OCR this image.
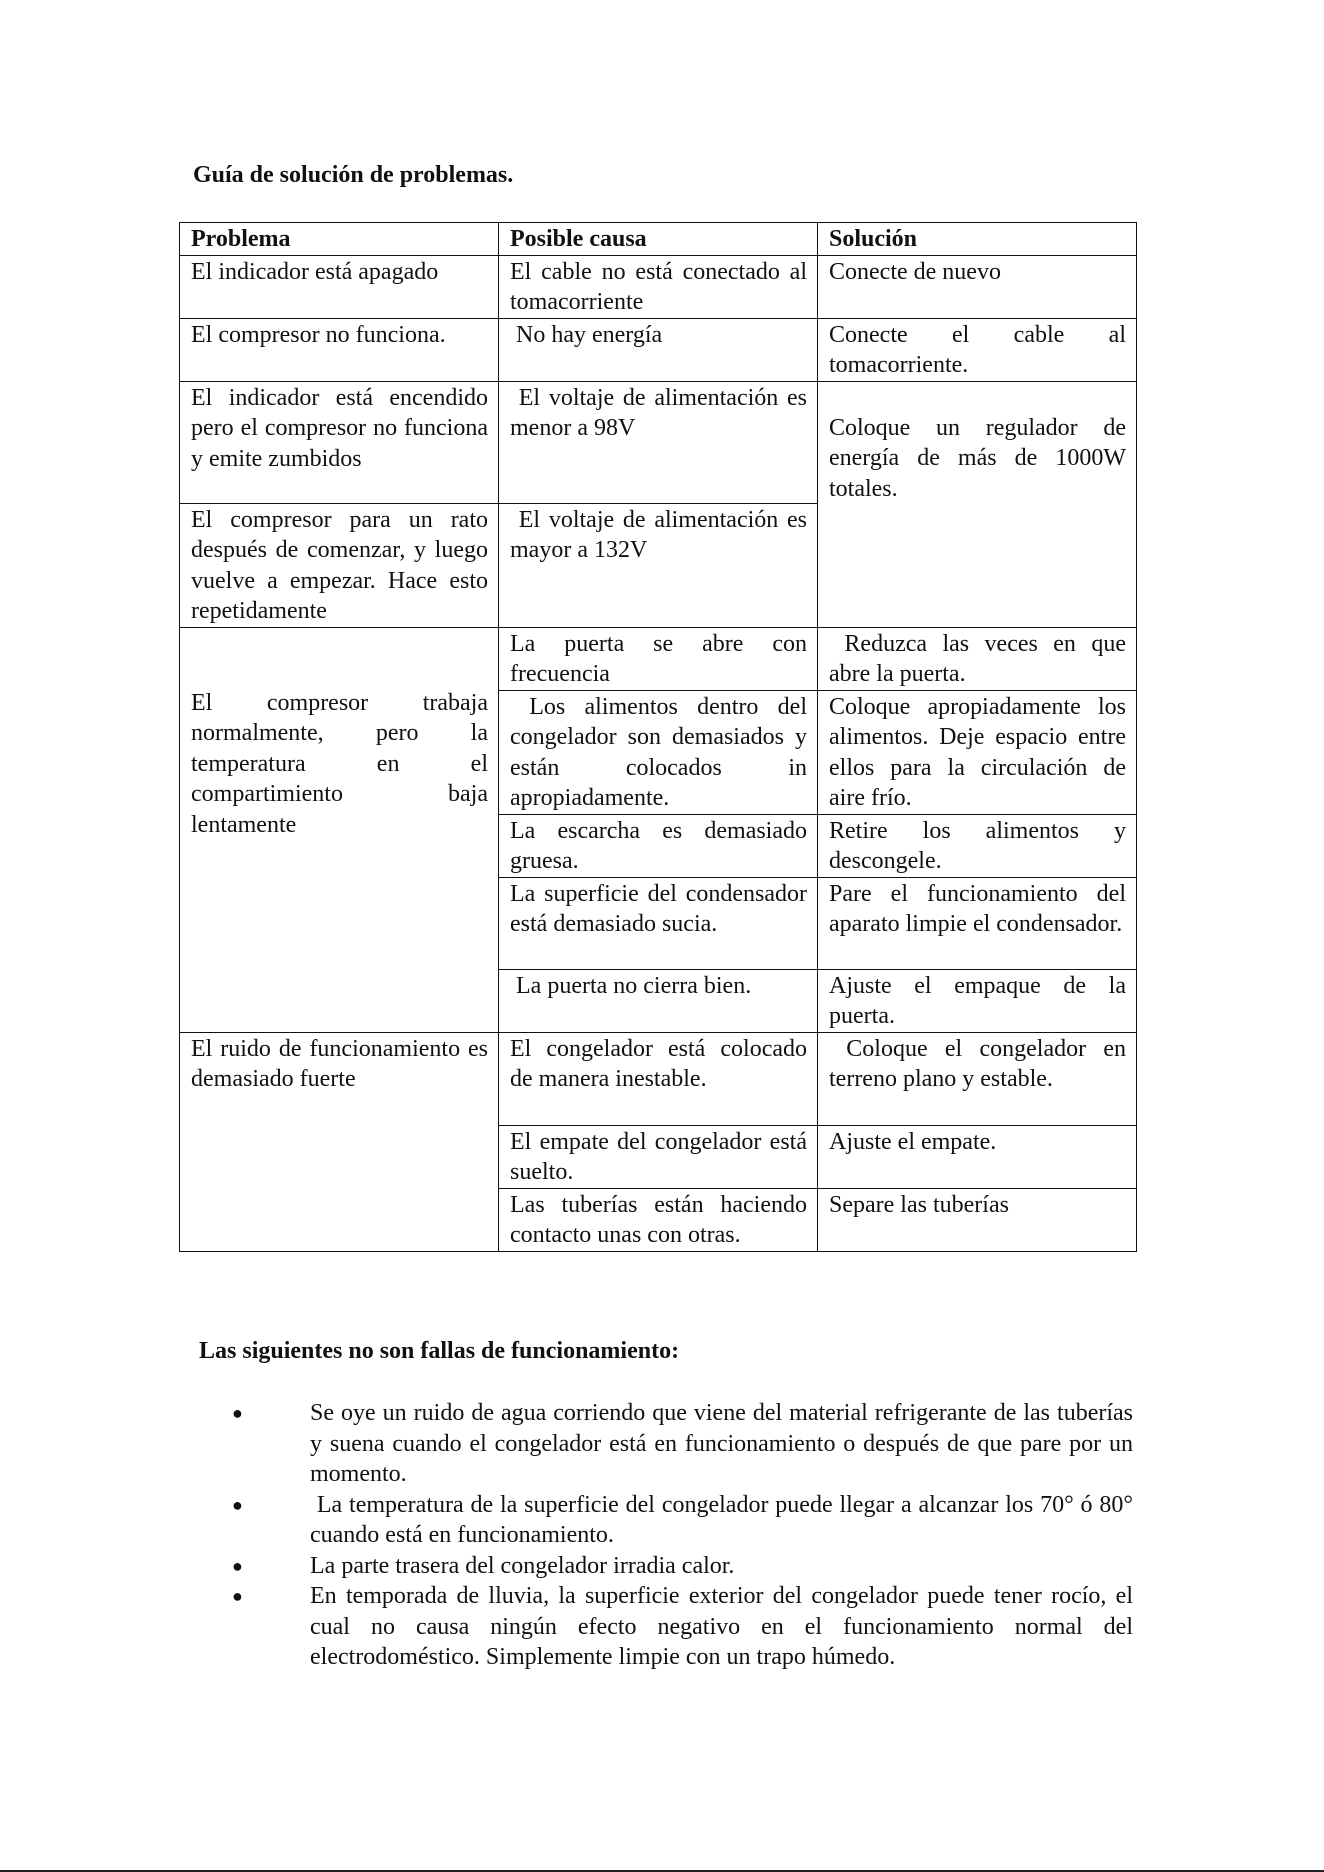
Guía de solución de problemas.
Problema	Posible causa	Solución
El indicador está apagado	El cable no está conectado al tomacorriente	Conecte de nuevo
El compresor no funciona.	No hay energía	Conecte el cable al tomacorriente.
El indicador está encendido pero el compresor no funciona y emite zumbidos	El voltaje de alimentación es menor a 98V	Coloque un regulador de energía de más de 1000W totales.
El compresor para un rato después de comenzar, y luego vuelve a empezar. Hace esto repetidamente	El voltaje de alimentación es mayor a 132V	
El compresor trabaja normalmente, pero la temperatura en el compartimiento baja lentamente	La puerta se abre con frecuencia	Reduzca las veces en que abre la puerta.
	Los alimentos dentro del congelador son demasiados y están colocados in apropiadamente.	Coloque apropiadamente los alimentos. Deje espacio entre ellos para la circulación de aire frío.
	La escarcha es demasiado gruesa.	Retire los alimentos y descongele.
	La superficie del condensador está demasiado sucia.	Pare el funcionamiento del aparato limpie el condensador.
	La puerta no cierra bien.	Ajuste el empaque de la puerta.
El ruido de funcionamiento es demasiado fuerte	El congelador está colocado de manera inestable.	Coloque el congelador en terreno plano y estable.
	El empate del congelador está suelto.	Ajuste el empate.
	Las tuberías están haciendo contacto unas con otras.	Separe las tuberías
Las siguientes no son fallas de funcionamiento:
●	Se oye un ruido de agua corriendo que viene del material refrigerante de las tuberías y suena cuando el congelador está en funcionamiento o después de que pare por un momento.
●	La temperatura de la superficie del congelador puede llegar a alcanzar los 70° ó 80° cuando está en funcionamiento.
●	La parte trasera del congelador irradia calor.
●	En temporada de lluvia, la superficie exterior del congelador puede tener rocío, el cual no causa ningún efecto negativo en el funcionamiento normal del electrodoméstico. Simplemente limpie con un trapo húmedo.
